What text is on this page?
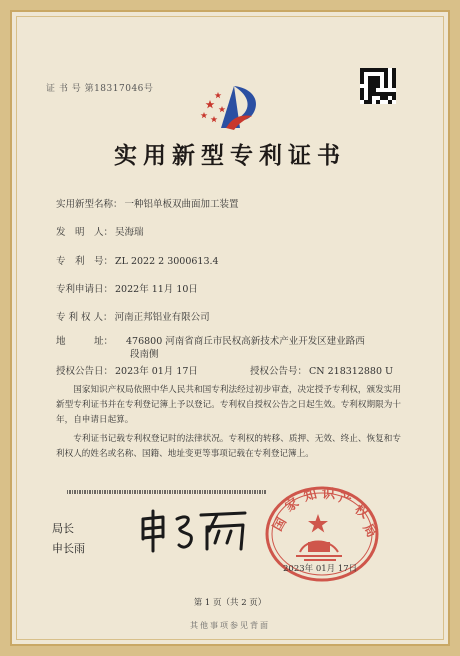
证 书 号 第18317046号
实用新型专利证书
实用新型名称： 一种铝单板双曲面加工装置
发　明　人： 吴海瑞
专　利　号： ZL 2022 2 3000613.4
专利申请日： 2022年 11月 10日
专 利 权 人： 河南正邦铝业有限公司
地　　　址： 476800 河南省商丘市民权高新技术产业开发区建业路西
段南侧
授权公告日： 2023年 01月 17日	授权公告号： CN 218312880 U
国家知识产权局依照中华人民共和国专利法经过初步审查，决定授予专利权，颁发实用新型专利证书并在专利登记簿上予以登记。专利权自授权公告之日起生效。专利权期限为十年，自申请日起算。
专利证书记载专利权登记时的法律状况。专利权的转移、质押、无效、终止、恢复和专利权人的姓名或名称、国籍、地址变更等事项记载在专利登记簿上。
局长
申长雨
国
家 知 识 产
权
局
2023年 01月 17日
第 1 页（共 2 页）
其他事项参见背面
